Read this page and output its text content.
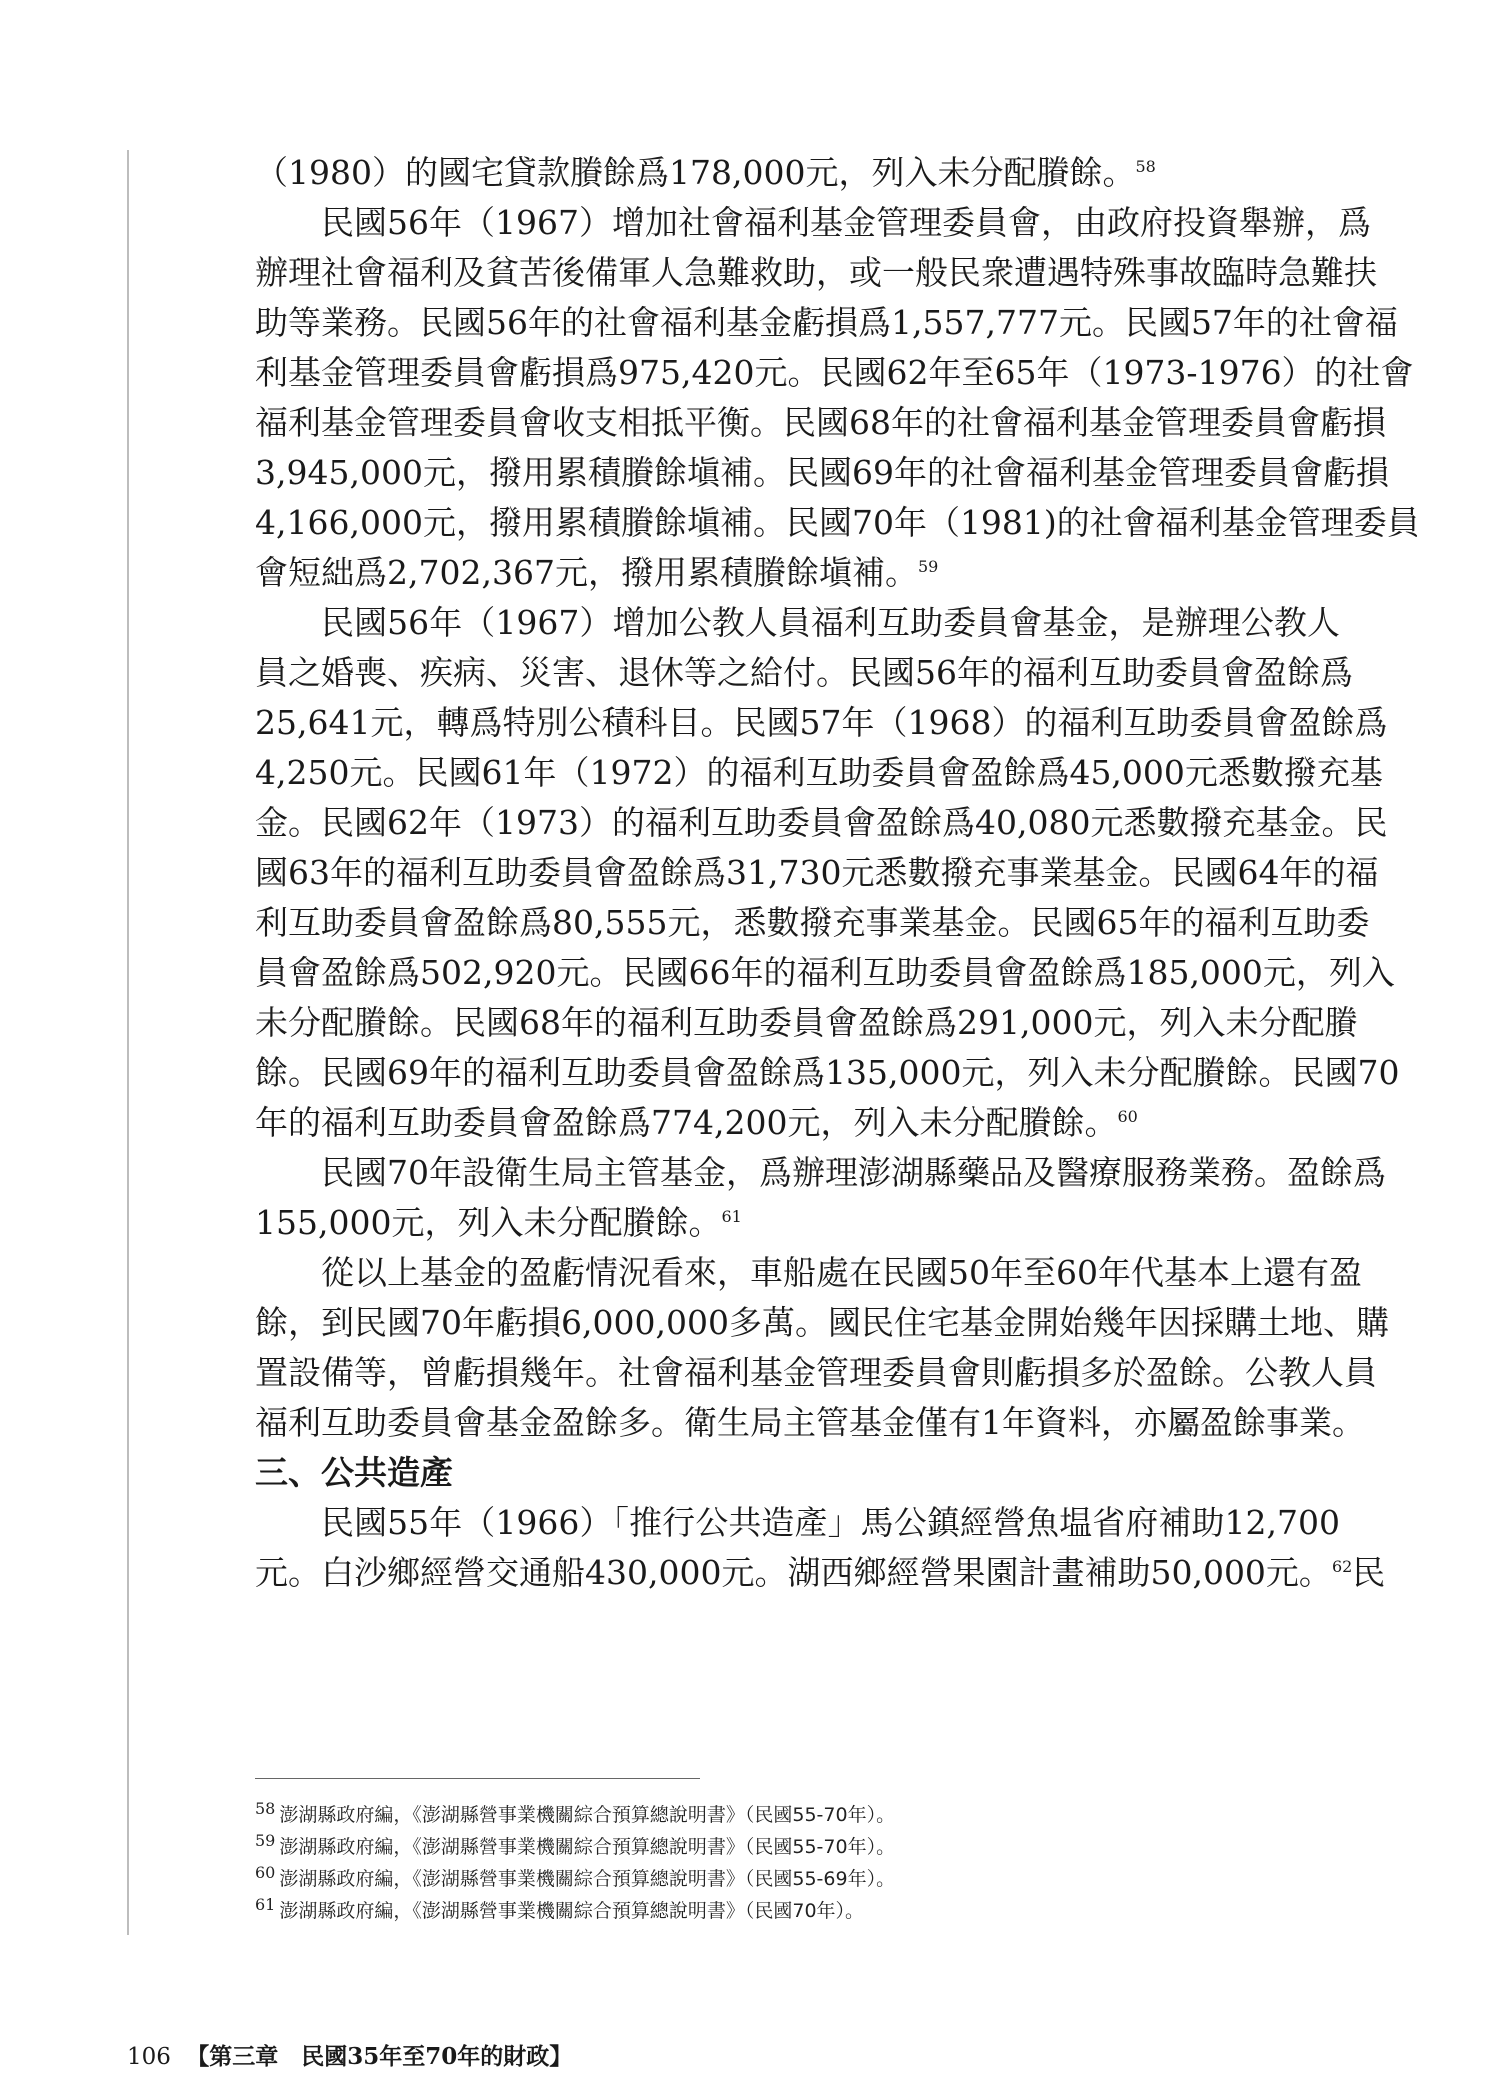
（1980）的國宅貸款賸餘爲178,000元，列入未分配賸餘。$^{58}$
民國56年（1967）增加社會福利基金管理委員會，由政府投資舉辦，爲
辦理社會福利及貧苦後備軍人急難救助，或一般民衆遭遇特殊事故臨時急難扶
助等業務。民國56年的社會福利基金虧損爲1,557,777元。民國57年的社會福
利基金管理委員會虧損爲975,420元。民國62年至65年（1973-1976）的社會
福利基金管理委員會收支相抵平衡。民國68年的社會福利基金管理委員會虧損
3,945,000元，撥用累積賸餘塡補。民國69年的社會福利基金管理委員會虧損
4,166,000元，撥用累積賸餘塡補。民國70年（1981)的社會福利基金管理委員
會短絀爲2,702,367元，撥用累積賸餘塡補。$^{59}$
民國56年（1967）增加公教人員福利互助委員會基金，是辦理公教人
員之婚喪、疾病、災害、退休等之給付。民國56年的福利互助委員會盈餘爲
25,641元，轉爲特別公積科目。民國57年（1968）的福利互助委員會盈餘爲
4,250元。民國61年（1972）的福利互助委員會盈餘爲45,000元悉數撥充基
金。民國62年（1973）的福利互助委員會盈餘爲40,080元悉數撥充基金。民
國63年的福利互助委員會盈餘爲31,730元悉數撥充事業基金。民國64年的福
利互助委員會盈餘爲80,555元，悉數撥充事業基金。民國65年的福利互助委
員會盈餘爲502,920元。民國66年的福利互助委員會盈餘爲185,000元，列入
未分配賸餘。民國68年的福利互助委員會盈餘爲291,000元，列入未分配賸
餘。民國69年的福利互助委員會盈餘爲135,000元，列入未分配賸餘。民國70
年的福利互助委員會盈餘爲774,200元，列入未分配賸餘。$^{60}$
民國70年設衛生局主管基金，爲辦理澎湖縣藥品及醫療服務業務。盈餘爲
155,000元，列入未分配賸餘。$^{61}$
從以上基金的盈虧情況看來，車船處在民國50年至60年代基本上還有盈
餘，到民國70年虧損6,000,000多萬。國民住宅基金開始幾年因採購土地、購
置設備等，曾虧損幾年。社會福利基金管理委員會則虧損多於盈餘。公教人員
福利互助委員會基金盈餘多。衛生局主管基金僅有1年資料，亦屬盈餘事業。
三、公共造產
民國55年（1966）「推行公共造產」馬公鎮經營魚塭省府補助12,700
元。白沙鄉經營交通船430,000元。湖西鄉經營果園計畫補助50,000元。$^{62}$民
$^{58}$ 澎湖縣政府編，《澎湖縣營事業機關綜合預算總說明書》（民國55-70年）。
$^{59}$ 澎湖縣政府編，《澎湖縣營事業機關綜合預算總說明書》（民國55-70年）。
$^{60}$ 澎湖縣政府編，《澎湖縣營事業機關綜合預算總說明書》（民國55-69年）。
$^{61}$ 澎湖縣政府編，《澎湖縣營事業機關綜合預算總說明書》（民國70年）。
106 【第三章　民國35年至70年的財政】
